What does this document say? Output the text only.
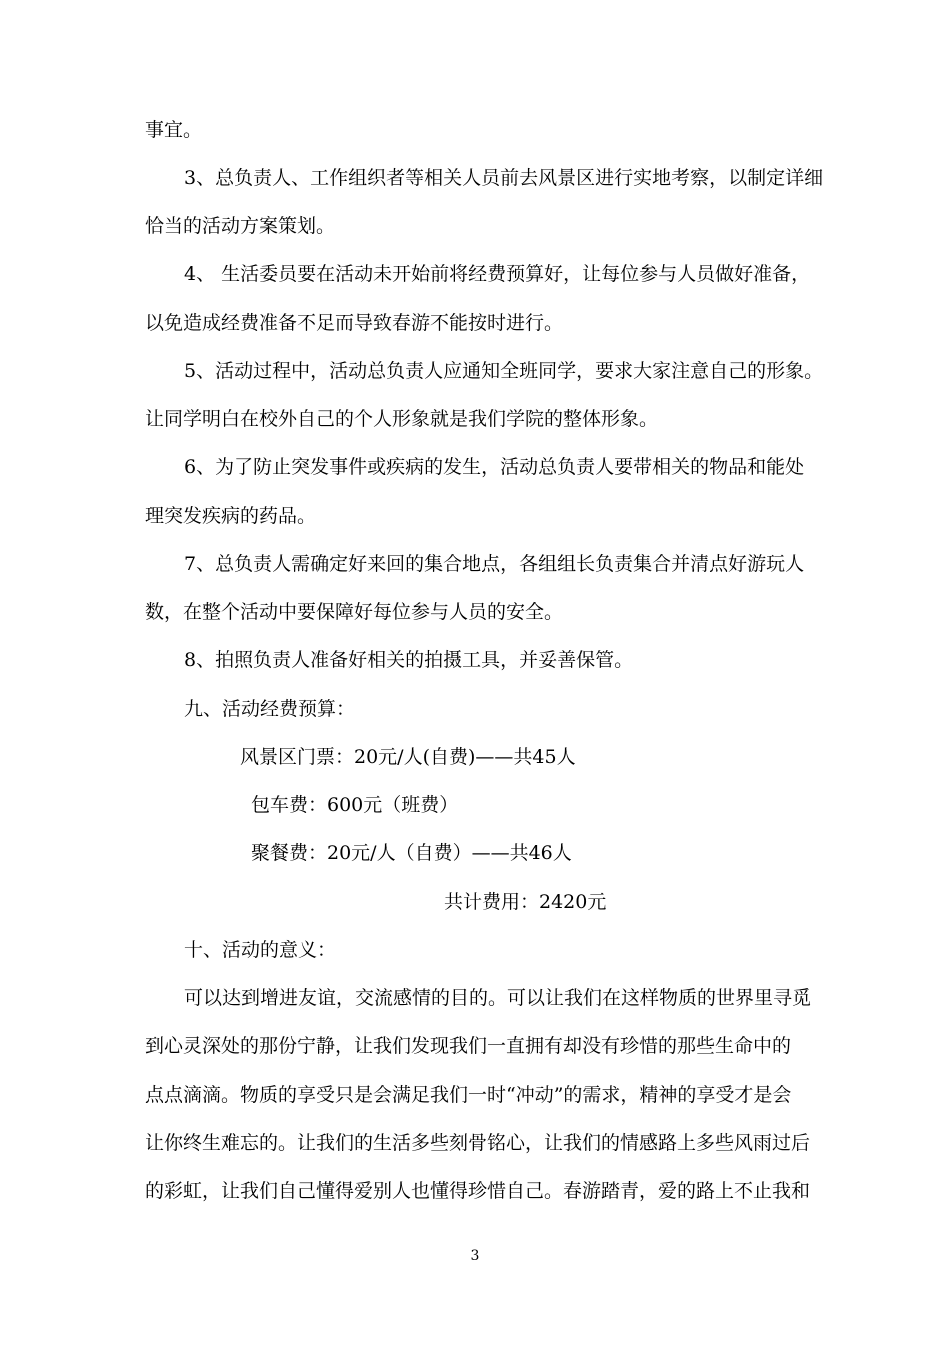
事宜。
3、总负责人、工作组织者等相关人员前去风景区进行实地考察，以制定详细
恰当的活动方案策划。
4、 生活委员要在活动未开始前将经费预算好，让每位参与人员做好准备，
以免造成经费准备不足而导致春游不能按时进行。
5、活动过程中，活动总负责人应通知全班同学，要求大家注意自己的形象。
让同学明白在校外自己的个人形象就是我们学院的整体形象。
6、为了防止突发事件或疾病的发生，活动总负责人要带相关的物品和能处
理突发疾病的药品。
7、总负责人需确定好来回的集合地点，各组组长负责集合并清点好游玩人
数，在整个活动中要保障好每位参与人员的安全。
8、拍照负责人准备好相关的拍摄工具，并妥善保管。
九、活动经费预算：
风景区门票：20元/人(自费)——共45人
包车费：600元（班费）
聚餐费：20元/人（自费）——共46人
共计费用：2420元
十、活动的意义：
可以达到增进友谊，交流感情的目的。可以让我们在这样物质的世界里寻觅
到心灵深处的那份宁静，让我们发现我们一直拥有却没有珍惜的那些生命中的
点点滴滴。物质的享受只是会满足我们一时“冲动”的需求，精神的享受才是会
让你终生难忘的。让我们的生活多些刻骨铭心，让我们的情感路上多些风雨过后
的彩虹，让我们自己懂得爱别人也懂得珍惜自己。春游踏青，爱的路上不止我和
3
